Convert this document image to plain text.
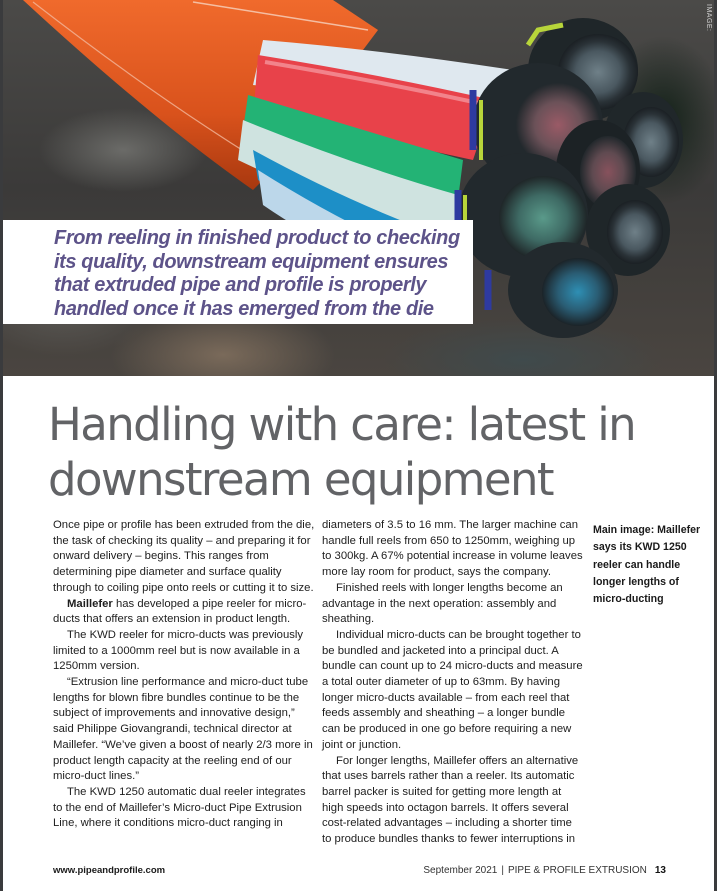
IMAGE:

From reeling in finished product to checking its quality, downstream equipment ensures that extruded pipe and profile is properly handled once it has emerged from the die

Handling with care: latest in downstream equipment

Once pipe or profile has been extruded from the die, the task of checking its quality – and preparing it for onward delivery – begins. This ranges from determining pipe diameter and surface quality through to coiling pipe onto reels or cutting it to size.

Maillefer has developed a pipe reeler for micro-ducts that offers an extension in product length.

The KWD reeler for micro-ducts was previously limited to a 1000mm reel but is now available in a 1250mm version.

“Extrusion line performance and micro-duct tube lengths for blown fibre bundles continue to be the subject of improvements and innovative design,” said Philippe Giovangrandi, technical director at Maillefer. “We’ve given a boost of nearly 2/3 more in product length capacity at the reeling end of our micro-duct lines.”

The KWD 1250 automatic dual reeler integrates to the end of Maillefer’s Micro-duct Pipe Extrusion Line, where it conditions micro-duct ranging in

diameters of 3.5 to 16 mm. The larger machine can handle full reels from 650 to 1250mm, weighing up to 300kg. A 67% potential increase in volume leaves more lay room for product, says the company.

Finished reels with longer lengths become an advantage in the next operation: assembly and sheathing.

Individual micro-ducts can be brought together to be bundled and jacketed into a principal duct. A bundle can count up to 24 micro-ducts and measure a total outer diameter of up to 63mm. By having longer micro-ducts available – from each reel that feeds assembly and sheathing – a longer bundle can be produced in one go before requiring a new joint or junction.

For longer lengths, Maillefer offers an alternative that uses barrels rather than a reeler. Its automatic barrel packer is suited for getting more length at high speeds into octagon barrels. It offers several cost-related advantages – including a shorter time to produce bundles thanks to fewer interruptions in

Main image: Maillefer says its KWD 1250 reeler can handle longer lengths of micro-ducting
www.pipeandprofile.com	September 2021 | PIPE & PROFILE EXTRUSION 13
